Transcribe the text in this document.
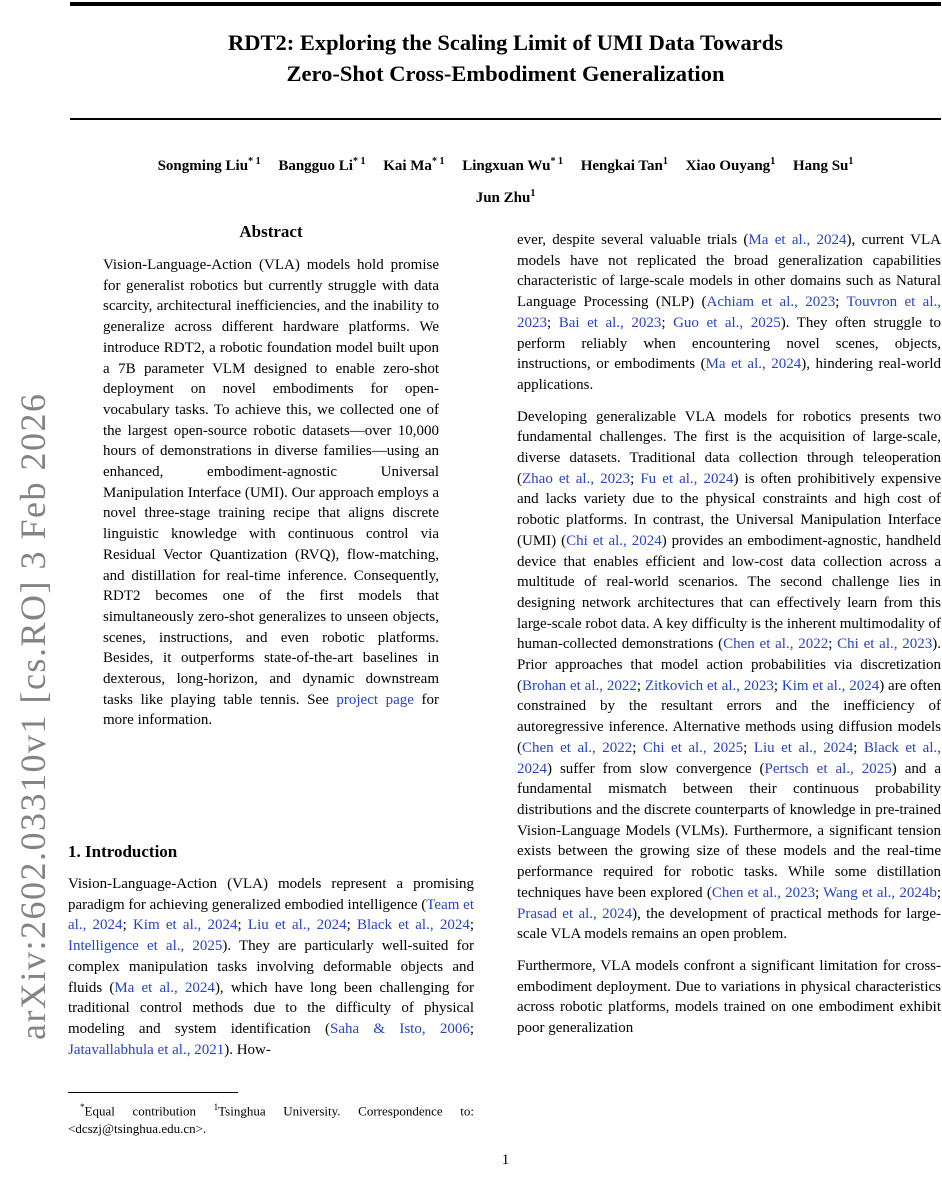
arXiv:2602.03310v1 [cs.RO] 3 Feb 2026
RDT2: Exploring the Scaling Limit of UMI Data Towards
Zero-Shot Cross-Embodiment Generalization
Songming Liu$^{* 1}$ Bangguo Li$^{* 1}$ Kai Ma$^{* 1}$ Lingxuan Wu$^{* 1}$ Hengkai Tan$^1$ Xiao Ouyang$^1$ Hang Su$^1$
Jun Zhu$^1$
Abstract

Vision-Language-Action (VLA) models hold promise for generalist robotics but currently struggle with data scarcity, architectural inefficiencies, and the inability to generalize across different hardware platforms. We introduce RDT2, a robotic foundation model built upon a 7B parameter VLM designed to enable zero-shot deployment on novel embodiments for open-vocabulary tasks. To achieve this, we collected one of the largest open-source robotic datasets—over 10,000 hours of demonstrations in diverse families—using an enhanced, embodiment-agnostic Universal Manipulation Interface (UMI). Our approach employs a novel three-stage training recipe that aligns discrete linguistic knowledge with continuous control via Residual Vector Quantization (RVQ), flow-matching, and distillation for real-time inference. Consequently, RDT2 becomes one of the first models that simultaneously zero-shot generalizes to unseen objects, scenes, instructions, and even robotic platforms. Besides, it outperforms state-of-the-art baselines in dexterous, long-horizon, and dynamic downstream tasks like playing table tennis. See project page for more information.

1. Introduction

Vision-Language-Action (VLA) models represent a promising paradigm for achieving generalized embodied intelligence (Team et al., 2024; Kim et al., 2024; Liu et al., 2024; Black et al., 2024; Intelligence et al., 2025). They are particularly well-suited for complex manipulation tasks involving deformable objects and fluids (Ma et al., 2024), which have long been challenging for traditional control methods due to the difficulty of physical modeling and system identification (Saha & Isto, 2006; Jatavallabhula et al., 2021). How-

*Equal contribution $^1$Tsinghua University. Correspondence to: <dcszj@tsinghua.edu.cn>.

ever, despite several valuable trials (Ma et al., 2024), current VLA models have not replicated the broad generalization capabilities characteristic of large-scale models in other domains such as Natural Language Processing (NLP) (Achiam et al., 2023; Touvron et al., 2023; Bai et al., 2023; Guo et al., 2025). They often struggle to perform reliably when encountering novel scenes, objects, instructions, or embodiments (Ma et al., 2024), hindering real-world applications.

Developing generalizable VLA models for robotics presents two fundamental challenges. The first is the acquisition of large-scale, diverse datasets. Traditional data collection through teleoperation (Zhao et al., 2023; Fu et al., 2024) is often prohibitively expensive and lacks variety due to the physical constraints and high cost of robotic platforms. In contrast, the Universal Manipulation Interface (UMI) (Chi et al., 2024) provides an embodiment-agnostic, handheld device that enables efficient and low-cost data collection across a multitude of real-world scenarios. The second challenge lies in designing network architectures that can effectively learn from this large-scale robot data. A key difficulty is the inherent multimodality of human-collected demonstrations (Chen et al., 2022; Chi et al., 2023). Prior approaches that model action probabilities via discretization (Brohan et al., 2022; Zitkovich et al., 2023; Kim et al., 2024) are often constrained by the resultant errors and the inefficiency of autoregressive inference. Alternative methods using diffusion models (Chen et al., 2022; Chi et al., 2025; Liu et al., 2024; Black et al., 2024) suffer from slow convergence (Pertsch et al., 2025) and a fundamental mismatch between their continuous probability distributions and the discrete counterparts of knowledge in pre-trained Vision-Language Models (VLMs). Furthermore, a significant tension exists between the growing size of these models and the real-time performance required for robotic tasks. While some distillation techniques have been explored (Chen et al., 2023; Wang et al., 2024b; Prasad et al., 2024), the development of practical methods for large-scale VLA models remains an open problem.

Furthermore, VLA models confront a significant limitation for cross-embodiment deployment. Due to variations in physical characteristics across robotic platforms, models trained on one embodiment exhibit poor generalization

1
